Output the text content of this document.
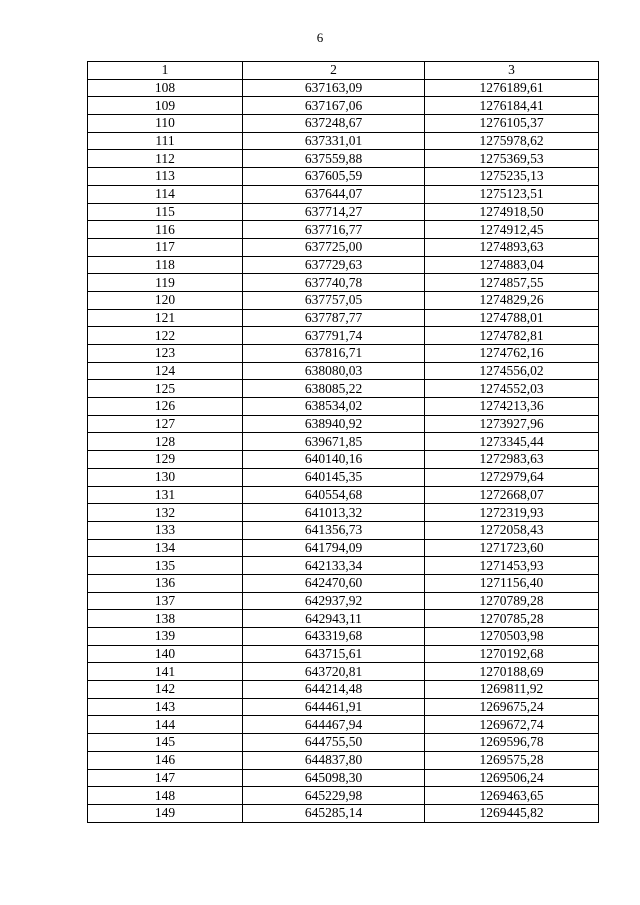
6
1	2	3
108	637163,09	1276189,61
109	637167,06	1276184,41
110	637248,67	1276105,37
111	637331,01	1275978,62
112	637559,88	1275369,53
113	637605,59	1275235,13
114	637644,07	1275123,51
115	637714,27	1274918,50
116	637716,77	1274912,45
117	637725,00	1274893,63
118	637729,63	1274883,04
119	637740,78	1274857,55
120	637757,05	1274829,26
121	637787,77	1274788,01
122	637791,74	1274782,81
123	637816,71	1274762,16
124	638080,03	1274556,02
125	638085,22	1274552,03
126	638534,02	1274213,36
127	638940,92	1273927,96
128	639671,85	1273345,44
129	640140,16	1272983,63
130	640145,35	1272979,64
131	640554,68	1272668,07
132	641013,32	1272319,93
133	641356,73	1272058,43
134	641794,09	1271723,60
135	642133,34	1271453,93
136	642470,60	1271156,40
137	642937,92	1270789,28
138	642943,11	1270785,28
139	643319,68	1270503,98
140	643715,61	1270192,68
141	643720,81	1270188,69
142	644214,48	1269811,92
143	644461,91	1269675,24
144	644467,94	1269672,74
145	644755,50	1269596,78
146	644837,80	1269575,28
147	645098,30	1269506,24
148	645229,98	1269463,65
149	645285,14	1269445,82
